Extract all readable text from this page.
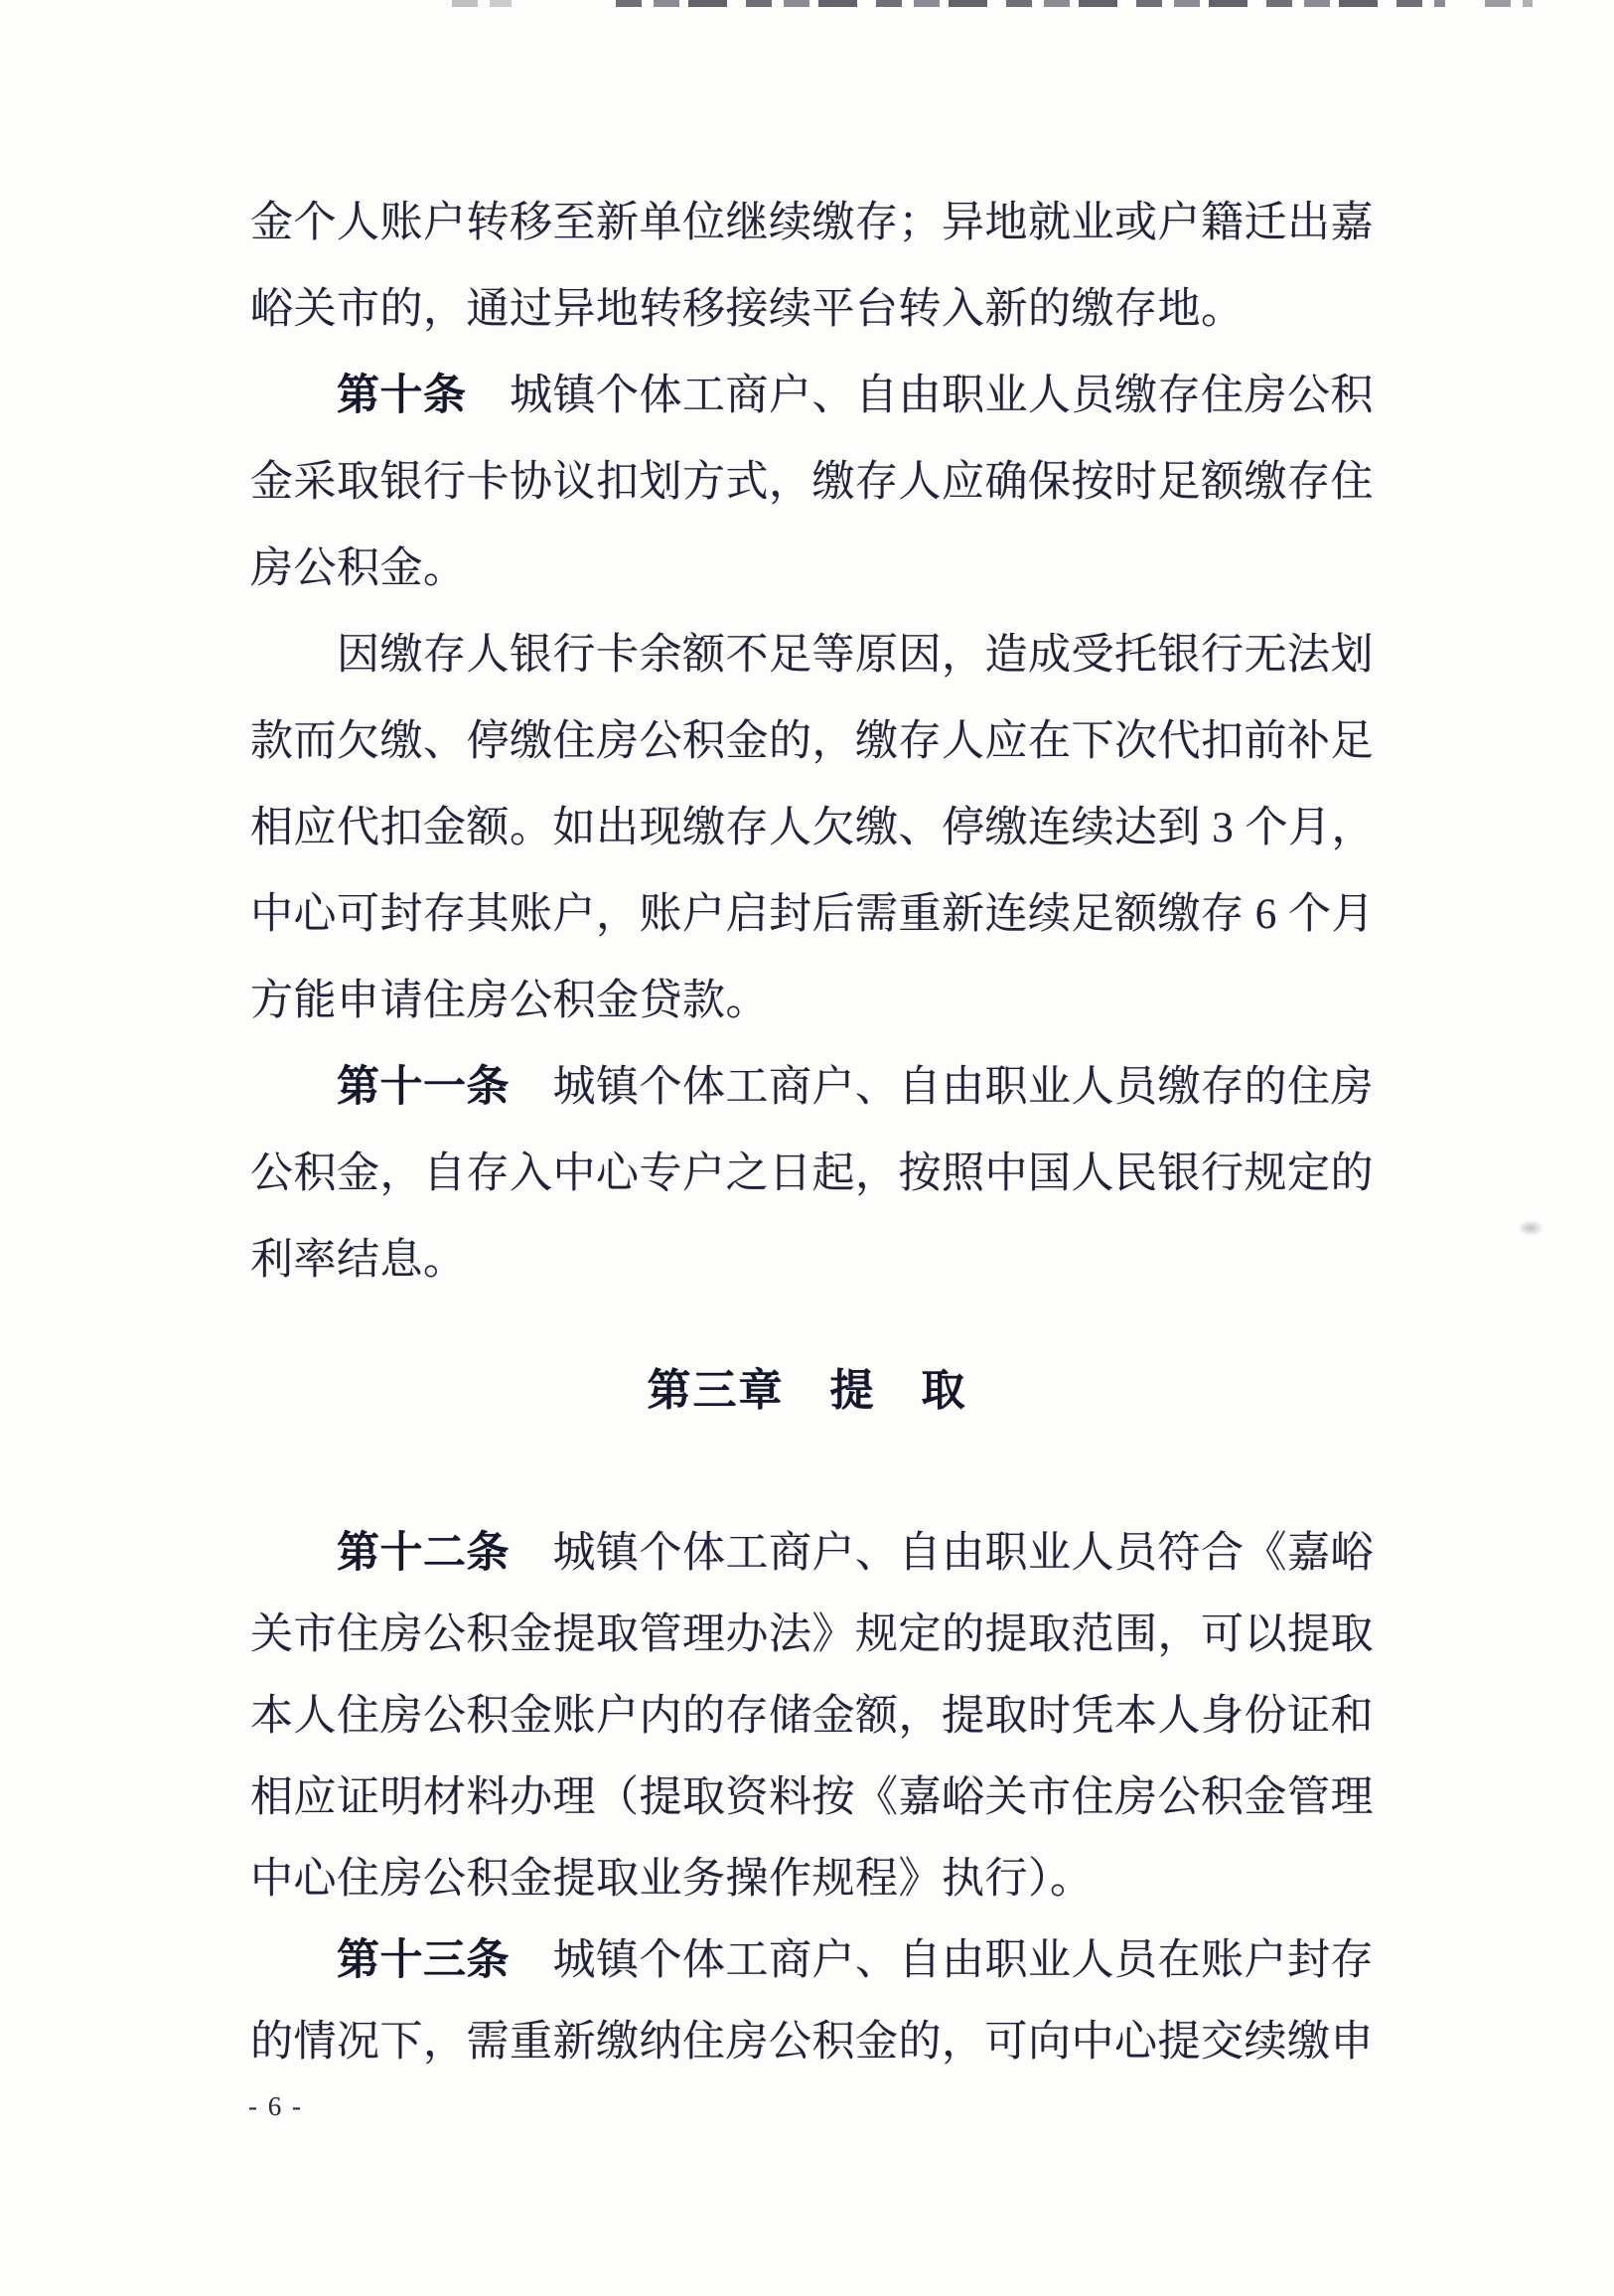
金个人账户转移至新单位继续缴存；异地就业或户籍迁出嘉
峪关市的，通过异地转移接续平台转入新的缴存地。
第十条　城镇个体工商户、自由职业人员缴存住房公积
金采取银行卡协议扣划方式，缴存人应确保按时足额缴存住
房公积金。
因缴存人银行卡余额不足等原因，造成受托银行无法划
款而欠缴、停缴住房公积金的，缴存人应在下次代扣前补足
相应代扣金额。如出现缴存人欠缴、停缴连续达到 3 个月，
中心可封存其账户，账户启封后需重新连续足额缴存 6 个月
方能申请住房公积金贷款。
第十一条　城镇个体工商户、自由职业人员缴存的住房
公积金，自存入中心专户之日起，按照中国人民银行规定的
利率结息。
第三章　提　取
第十二条　城镇个体工商户、自由职业人员符合《嘉峪
关市住房公积金提取管理办法》规定的提取范围，可以提取
本人住房公积金账户内的存储金额，提取时凭本人身份证和
相应证明材料办理（提取资料按《嘉峪关市住房公积金管理
中心住房公积金提取业务操作规程》执行）。
第十三条　城镇个体工商户、自由职业人员在账户封存
的情况下，需重新缴纳住房公积金的，可向中心提交续缴申
- 6 -
